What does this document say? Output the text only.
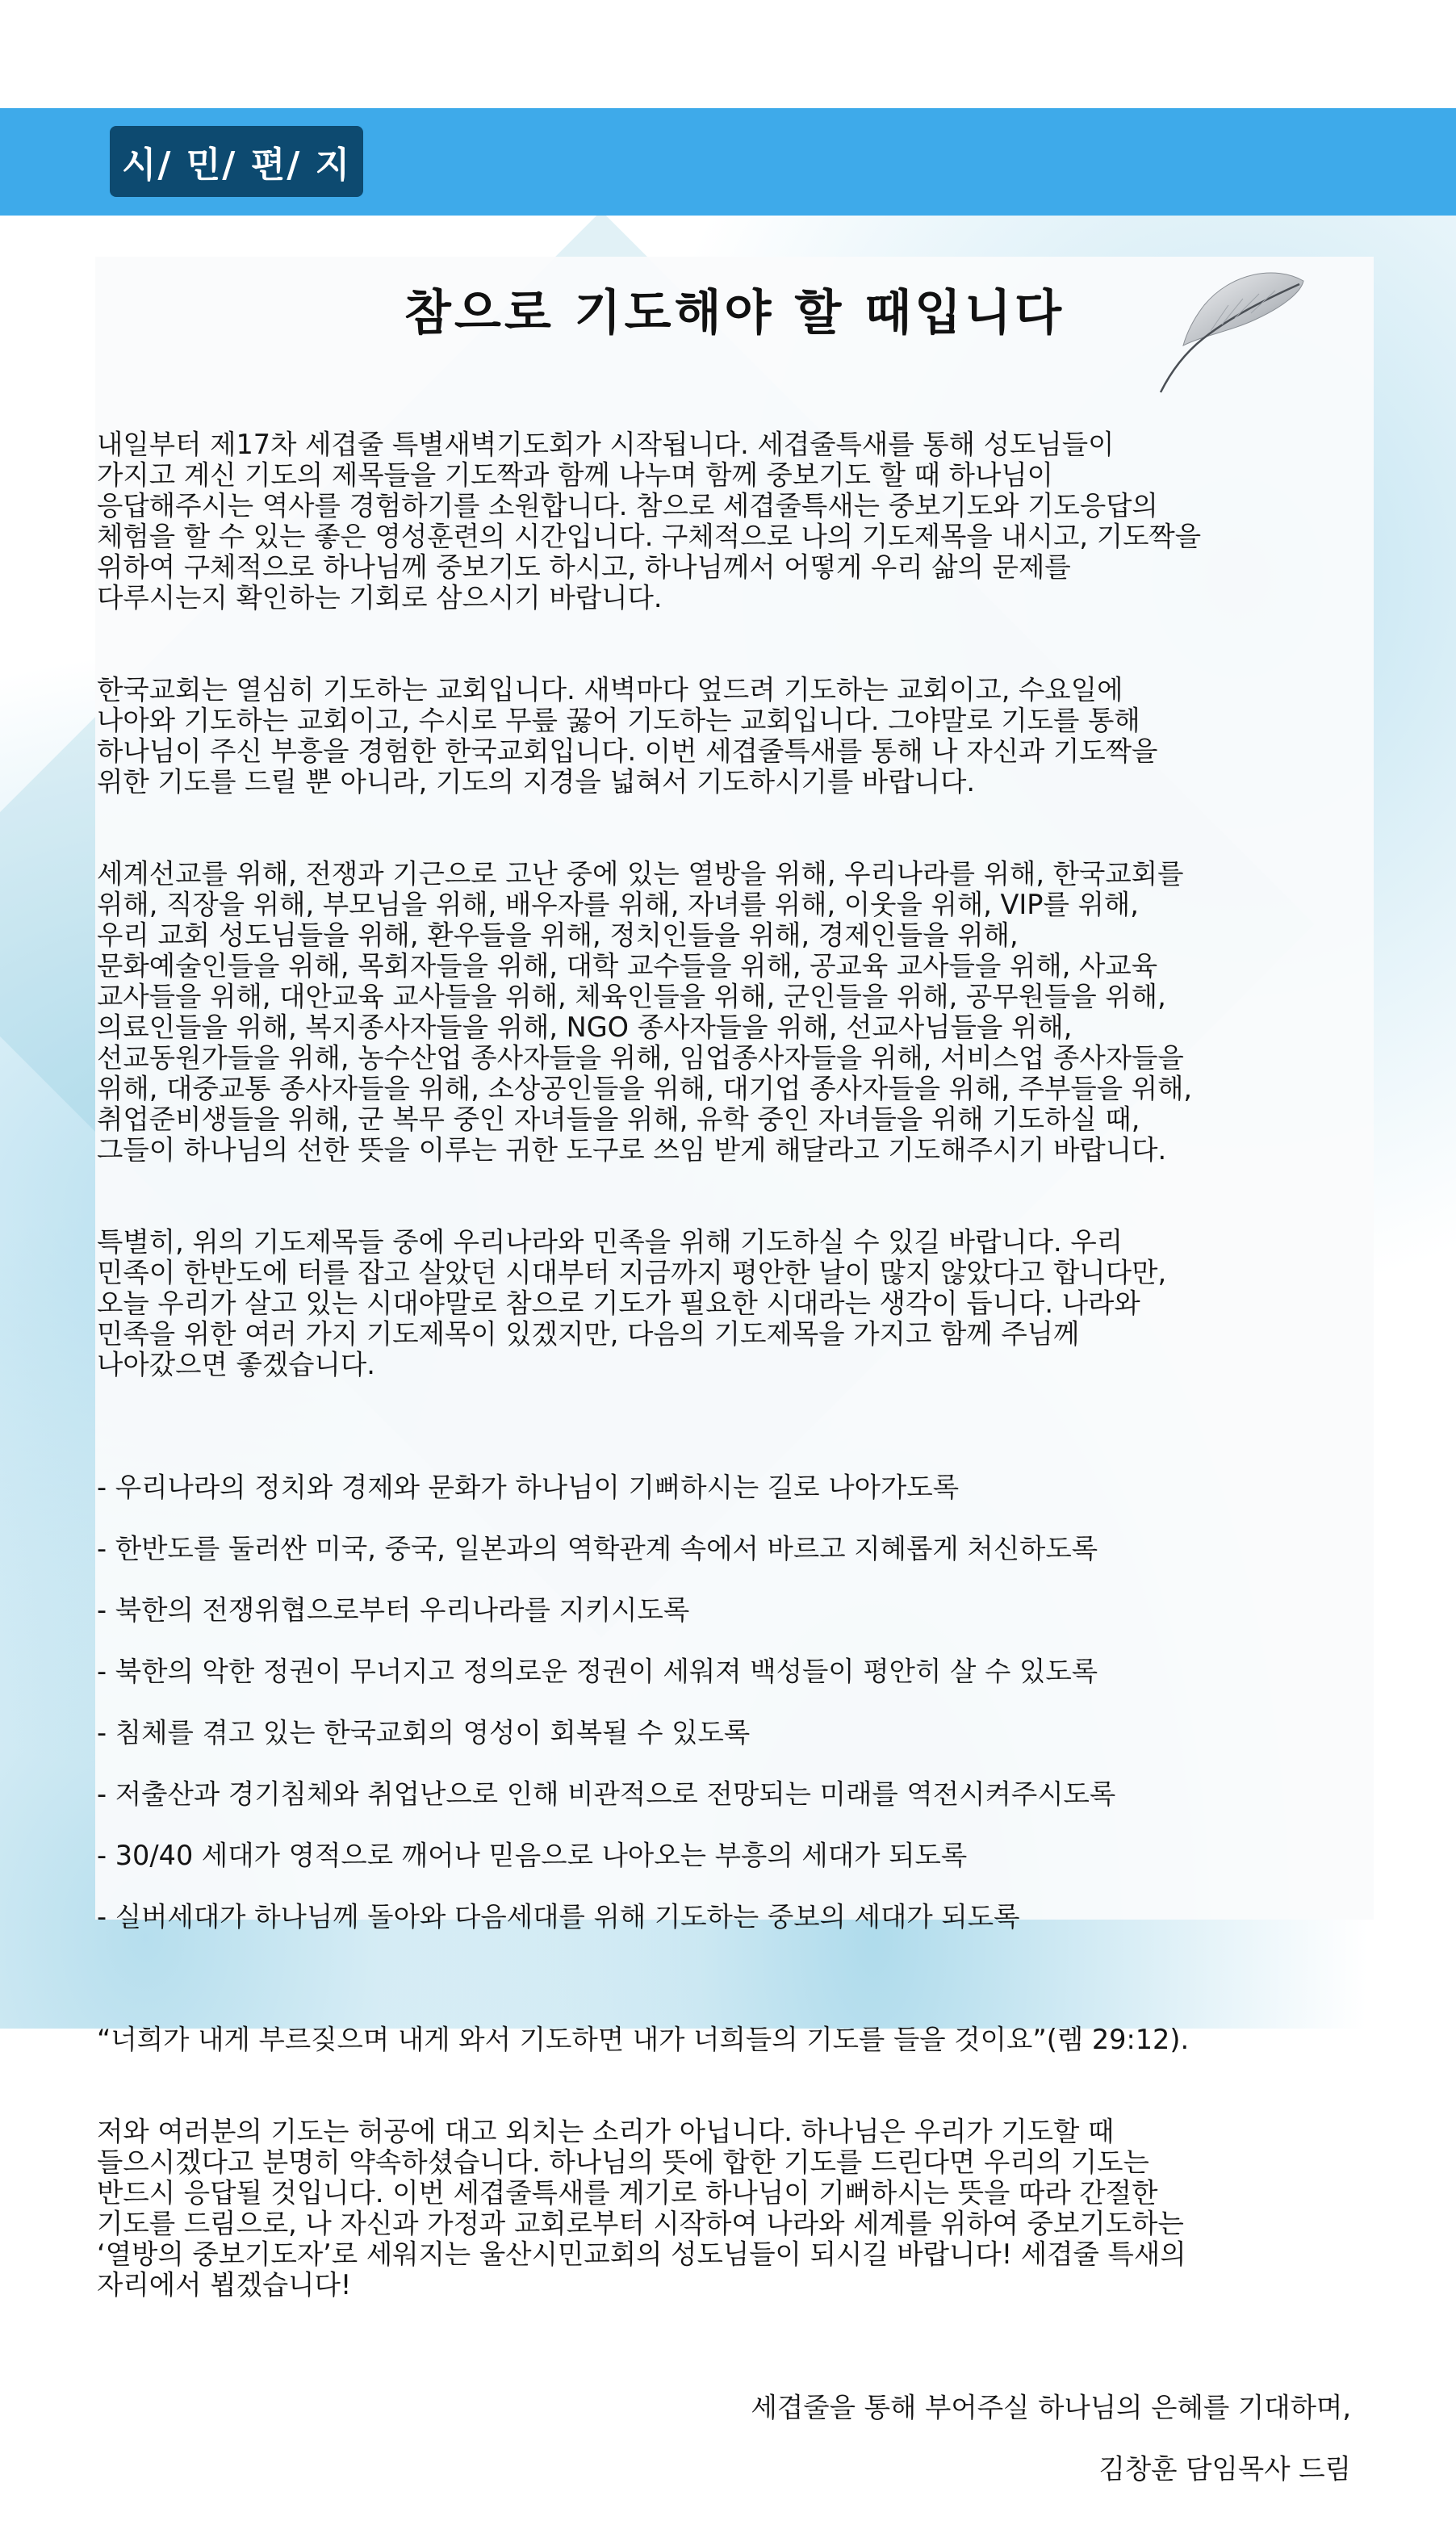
시/ 민/ 편/ 지
참으로 기도해야 할 때입니다

내일부터 제17차 세겹줄 특별새벽기도회가 시작됩니다. 세겹줄특새를 통해 성도님들이
가지고 계신 기도의 제목들을 기도짝과 함께 나누며 함께 중보기도 할 때 하나님이
응답해주시는 역사를 경험하기를 소원합니다. 참으로 세겹줄특새는 중보기도와 기도응답의
체험을 할 수 있는 좋은 영성훈련의 시간입니다. 구체적으로 나의 기도제목을 내시고, 기도짝을
위하여 구체적으로 하나님께 중보기도 하시고, 하나님께서 어떻게 우리 삶의 문제를
다루시는지 확인하는 기회로 삼으시기 바랍니다.

한국교회는 열심히 기도하는 교회입니다. 새벽마다 엎드려 기도하는 교회이고, 수요일에
나아와 기도하는 교회이고, 수시로 무릎 꿇어 기도하는 교회입니다. 그야말로 기도를 통해
하나님이 주신 부흥을 경험한 한국교회입니다. 이번 세겹줄특새를 통해 나 자신과 기도짝을
위한 기도를 드릴 뿐 아니라, 기도의 지경을 넓혀서 기도하시기를 바랍니다.

세계선교를 위해, 전쟁과 기근으로 고난 중에 있는 열방을 위해, 우리나라를 위해, 한국교회를
위해, 직장을 위해, 부모님을 위해, 배우자를 위해, 자녀를 위해, 이웃을 위해, VIP를 위해,
우리 교회 성도님들을 위해, 환우들을 위해, 정치인들을 위해, 경제인들을 위해,
문화예술인들을 위해, 목회자들을 위해, 대학 교수들을 위해, 공교육 교사들을 위해, 사교육
교사들을 위해, 대안교육 교사들을 위해, 체육인들을 위해, 군인들을 위해, 공무원들을 위해,
의료인들을 위해, 복지종사자들을 위해, NGO 종사자들을 위해, 선교사님들을 위해,
선교동원가들을 위해, 농수산업 종사자들을 위해, 임업종사자들을 위해, 서비스업 종사자들을
위해, 대중교통 종사자들을 위해, 소상공인들을 위해, 대기업 종사자들을 위해, 주부들을 위해,
취업준비생들을 위해, 군 복무 중인 자녀들을 위해, 유학 중인 자녀들을 위해 기도하실 때,
그들이 하나님의 선한 뜻을 이루는 귀한 도구로 쓰임 받게 해달라고 기도해주시기 바랍니다.

특별히, 위의 기도제목들 중에 우리나라와 민족을 위해 기도하실 수 있길 바랍니다. 우리
민족이 한반도에 터를 잡고 살았던 시대부터 지금까지 평안한 날이 많지 않았다고 합니다만,
오늘 우리가 살고 있는 시대야말로 참으로 기도가 필요한 시대라는 생각이 듭니다. 나라와
민족을 위한 여러 가지 기도제목이 있겠지만, 다음의 기도제목을 가지고 함께 주님께
나아갔으면 좋겠습니다.

- 우리나라의 정치와 경제와 문화가 하나님이 기뻐하시는 길로 나아가도록

- 한반도를 둘러싼 미국, 중국, 일본과의 역학관계 속에서 바르고 지혜롭게 처신하도록

- 북한의 전쟁위협으로부터 우리나라를 지키시도록

- 북한의 악한 정권이 무너지고 정의로운 정권이 세워져 백성들이 평안히 살 수 있도록

- 침체를 겪고 있는 한국교회의 영성이 회복될 수 있도록

- 저출산과 경기침체와 취업난으로 인해 비관적으로 전망되는 미래를 역전시켜주시도록

- 30/40 세대가 영적으로 깨어나 믿음으로 나아오는 부흥의 세대가 되도록

- 실버세대가 하나님께 돌아와 다음세대를 위해 기도하는 중보의 세대가 되도록

“너희가 내게 부르짖으며 내게 와서 기도하면 내가 너희들의 기도를 들을 것이요”(렘 29:12).

저와 여러분의 기도는 허공에 대고 외치는 소리가 아닙니다. 하나님은 우리가 기도할 때
들으시겠다고 분명히 약속하셨습니다. 하나님의 뜻에 합한 기도를 드린다면 우리의 기도는
반드시 응답될 것입니다. 이번 세겹줄특새를 계기로 하나님이 기뻐하시는 뜻을 따라 간절한
기도를 드림으로, 나 자신과 가정과 교회로부터 시작하여 나라와 세계를 위하여 중보기도하는
‘열방의 중보기도자’로 세워지는 울산시민교회의 성도님들이 되시길 바랍니다! 세겹줄 특새의
자리에서 뵙겠습니다!

세겹줄을 통해 부어주실 하나님의 은혜를 기대하며,

김창훈 담임목사 드림
